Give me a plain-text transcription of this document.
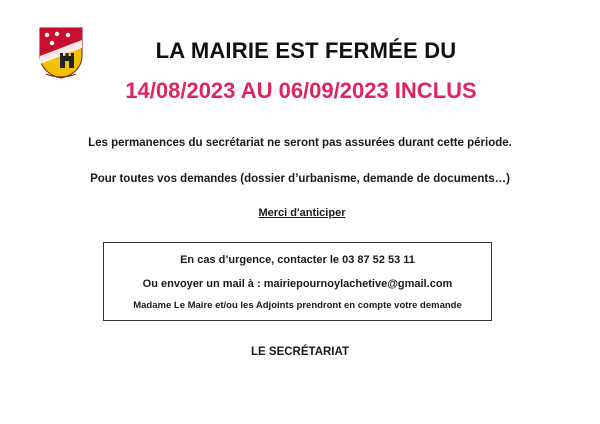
LA MAIRIE EST FERMÉE DU
14/08/2023 AU 06/09/2023 INCLUS
Les permanences du secrétariat ne seront pas assurées durant cette période.
Pour toutes vos demandes (dossier d’urbanisme, demande de documents…)
Merci d'anticiper
En cas d’urgence, contacter le 03 87 52 53 11
Ou envoyer un mail à : mairiepournoylachetive@gmail.com
Madame Le Maire et/ou les Adjoints prendront en compte votre demande
LE SECRÉTARIAT
